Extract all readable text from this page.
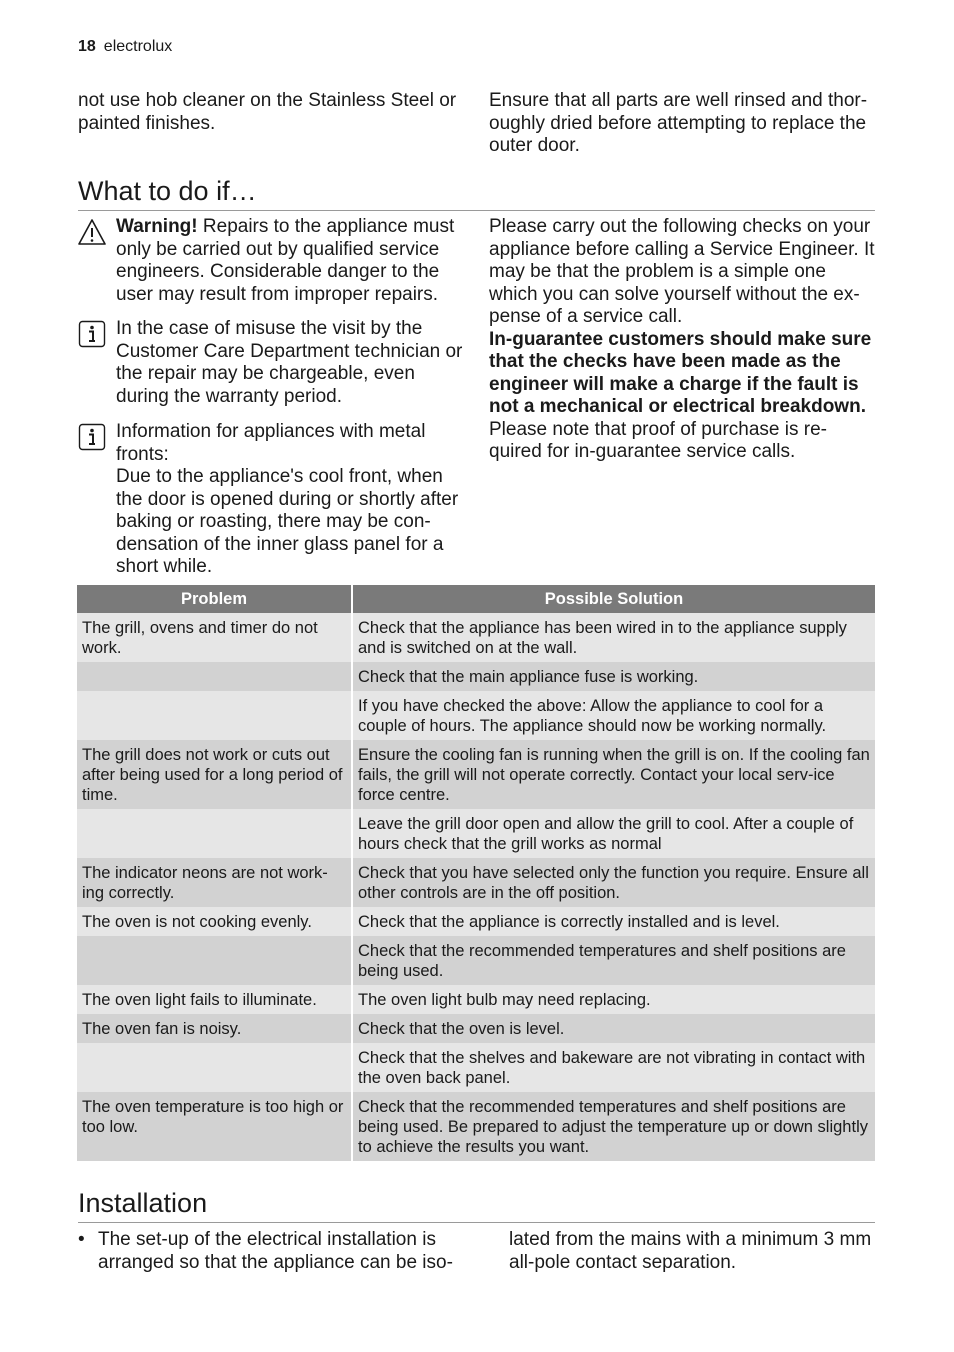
18 electrolux
not use hob cleaner on the Stainless Steel or painted finishes.
Ensure that all parts are well rinsed and thor-oughly dried before attempting to replace the outer door.
What to do if…
Warning! Repairs to the appliance must only be carried out by qualified service engineers. Considerable danger to the user may result from improper repairs.
In the case of misuse the visit by the Customer Care Department technician or the repair may be chargeable, even during the warranty period.
Information for appliances with metal fronts:
Due to the appliance's cool front, when the door is opened during or shortly after baking or roasting, there may be con-densation of the inner glass panel for a short while.
Please carry out the following checks on your appliance before calling a Service Engineer. It may be that the problem is a simple one which you can solve yourself without the ex-pense of a service call.
In-guarantee customers should make sure that the checks have been made as the engineer will make a charge if the fault is not a mechanical or electrical breakdown.
Please note that proof of purchase is re-quired for in-guarantee service calls.
Problem	Possible Solution
The grill, ovens and timer do not work.	Check that the appliance has been wired in to the appliance supply and is switched on at the wall.
	Check that the main appliance fuse is working.
	If you have checked the above: Allow the appliance to cool for a couple of hours. The appliance should now be working normally.
The grill does not work or cuts out after being used for a long period of time.	Ensure the cooling fan is running when the grill is on. If the cooling fan fails, the grill will not operate correctly. Contact your local serv-ice force centre.
	Leave the grill door open and allow the grill to cool. After a couple of hours check that the grill works as normal
The indicator neons are not work-ing correctly.	Check that you have selected only the function you require. Ensure all other controls are in the off position.
The oven is not cooking evenly.	Check that the appliance is correctly installed and is level.
	Check that the recommended temperatures and shelf positions are being used.
The oven light fails to illuminate.	The oven light bulb may need replacing.
The oven fan is noisy.	Check that the oven is level.
	Check that the shelves and bakeware are not vibrating in contact with the oven back panel.
The oven temperature is too high or too low.	Check that the recommended temperatures and shelf positions are being used. Be prepared to adjust the temperature up or down slightly to achieve the results you want.
Installation
• The set-up of the electrical installation is arranged so that the appliance can be iso-
lated from the mains with a minimum 3 mm all-pole contact separation.
